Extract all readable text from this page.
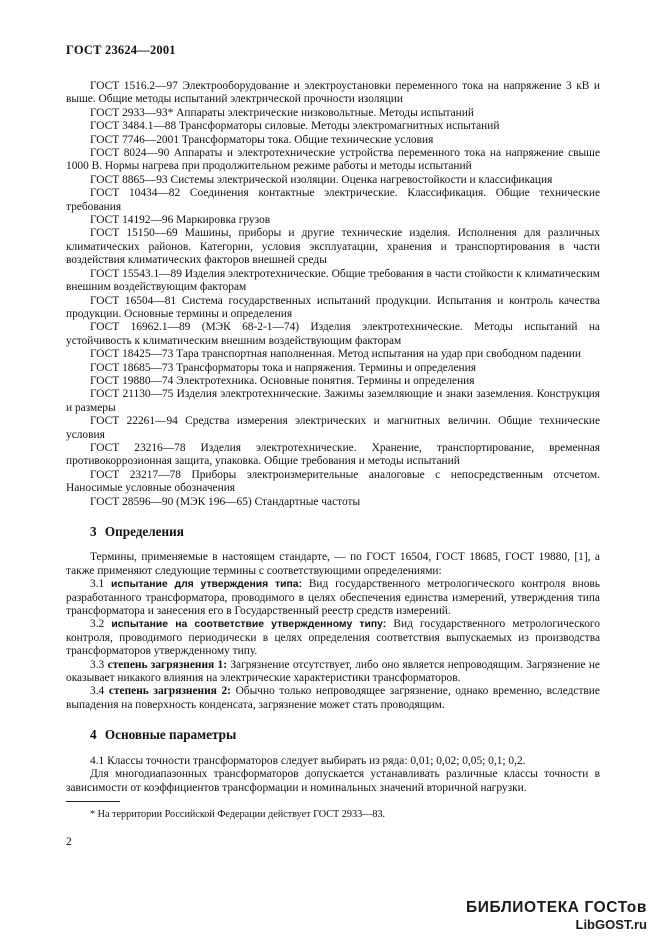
ГОСТ 23624—2001

ГОСТ 1516.2—97 Электрооборудование и электроустановки переменного тока на напряжение 3 кВ и выше. Общие методы испытаний электрической прочности изоляции

ГОСТ 2933—93* Аппараты электрические низковольтные. Методы испытаний

ГОСТ 3484.1—88 Трансформаторы силовые. Методы электромагнитных испытаний

ГОСТ 7746—2001 Трансформаторы тока. Общие технические условия

ГОСТ 8024—90 Аппараты и электротехнические устройства переменного тока на напряжение свыше 1000 В. Нормы нагрева при продолжительном режиме работы и методы испытаний

ГОСТ 8865—93 Системы электрической изоляции. Оценка нагревостойкости и классификация

ГОСТ 10434—82 Соединения контактные электрические. Классификация. Общие технические требования

ГОСТ 14192—96 Маркировка грузов

ГОСТ 15150—69 Машины, приборы и другие технические изделия. Исполнения для различных климатических районов. Категории, условия эксплуатации, хранения и транспортирования в части воздействия климатических факторов внешней среды

ГОСТ 15543.1—89 Изделия электротехнические. Общие требования в части стойкости к климатическим внешним воздействующим факторам

ГОСТ 16504—81 Система государственных испытаний продукции. Испытания и контроль качества продукции. Основные термины и определения

ГОСТ 16962.1—89 (МЭК 68-2-1—74) Изделия электротехнические. Методы испытаний на устойчивость к климатическим внешним воздействующим факторам

ГОСТ 18425—73 Тара транспортная наполненная. Метод испытания на удар при свободном падении

ГОСТ 18685—73 Трансформаторы тока и напряжения. Термины и определения

ГОСТ 19880—74 Электротехника. Основные понятия. Термины и определения

ГОСТ 21130—75 Изделия электротехнические. Зажимы заземляющие и знаки заземления. Конструкция и размеры

ГОСТ 22261—94 Средства измерения электрических и магнитных величин. Общие технические условия

ГОСТ 23216—78 Изделия электротехнические. Хранение, транспортирование, временная противокоррозионная защита, упаковка. Общие требования и методы испытаний

ГОСТ 23217—78 Приборы электроизмерительные аналоговые с непосредственным отсчетом. Наносимые условные обозначения

ГОСТ 28596—90 (МЭК 196—65) Стандартные частоты

3 Определения

Термины, применяемые в настоящем стандарте, — по ГОСТ 16504, ГОСТ 18685, ГОСТ 19880, [1], а также применяют следующие термины с соответствующими определениями:

3.1 испытание для утверждения типа: Вид государственного метрологического контроля вновь разработанного трансформатора, проводимого в целях обеспечения единства измерений, утверждения типа трансформатора и занесения его в Государственный реестр средств измерений.

3.2 испытание на соответствие утвержденному типу: Вид государственного метрологического контроля, проводимого периодически в целях определения соответствия выпускаемых из производства трансформаторов утвержденному типу.

3.3 степень загрязнения 1: Загрязнение отсутствует, либо оно является непроводящим. Загрязнение не оказывает никакого влияния на электрические характеристики трансформаторов.

3.4 степень загрязнения 2: Обычно только непроводящее загрязнение, однако временно, вследствие выпадения на поверхность конденсата, загрязнение может стать проводящим.

4 Основные параметры

4.1 Классы точности трансформаторов следует выбирать из ряда: 0,01; 0,02; 0,05; 0,1; 0,2.

Для многодиапазонных трансформаторов допускается устанавливать различные классы точности в зависимости от коэффициентов трансформации и номинальных значений вторичной нагрузки.

* На территории Российской Федерации действует ГОСТ 2933—83.
2
БИБЛИОТЕКА ГОСТов
LibGOST.ru
